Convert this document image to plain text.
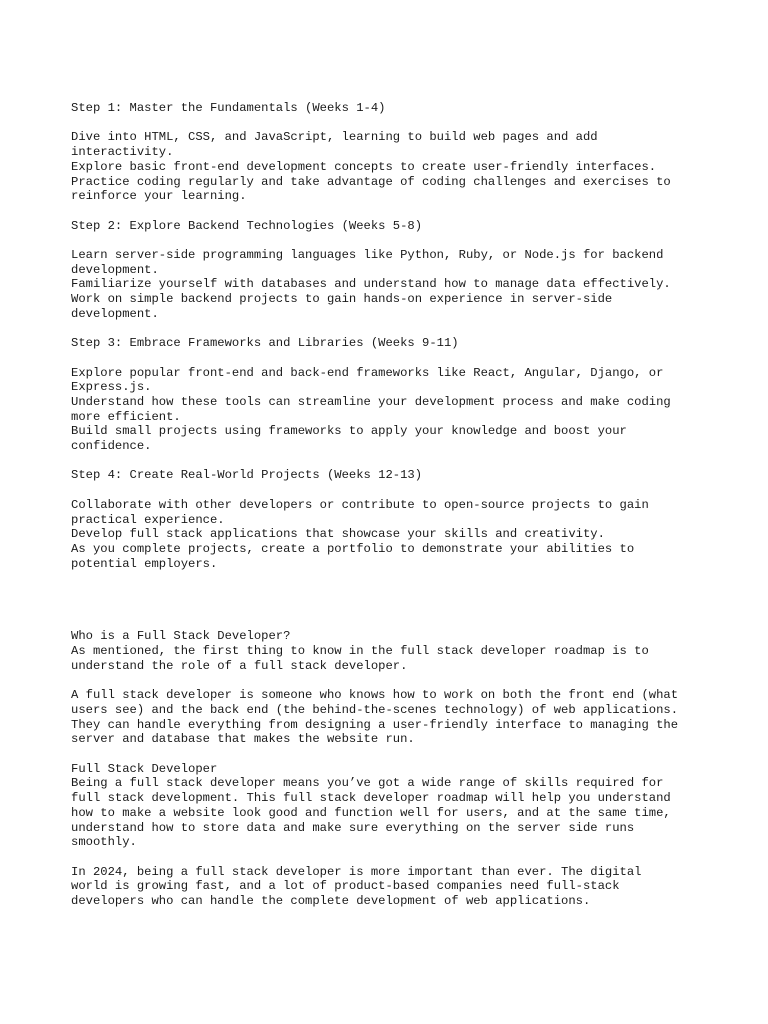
Step 1: Master the Fundamentals (Weeks 1-4)
Dive into HTML, CSS, and JavaScript, learning to build web pages and add
interactivity.
Explore basic front-end development concepts to create user-friendly interfaces.
Practice coding regularly and take advantage of coding challenges and exercises to
reinforce your learning.
Step 2: Explore Backend Technologies (Weeks 5-8)
Learn server-side programming languages like Python, Ruby, or Node.js for backend
development.
Familiarize yourself with databases and understand how to manage data effectively.
Work on simple backend projects to gain hands-on experience in server-side
development.
Step 3: Embrace Frameworks and Libraries (Weeks 9-11)
Explore popular front-end and back-end frameworks like React, Angular, Django, or
Express.js.
Understand how these tools can streamline your development process and make coding
more efficient.
Build small projects using frameworks to apply your knowledge and boost your
confidence.
Step 4: Create Real-World Projects (Weeks 12-13)
Collaborate with other developers or contribute to open-source projects to gain
practical experience.
Develop full stack applications that showcase your skills and creativity.
As you complete projects, create a portfolio to demonstrate your abilities to
potential employers.
Who is a Full Stack Developer?
As mentioned, the first thing to know in the full stack developer roadmap is to
understand the role of a full stack developer.
A full stack developer is someone who knows how to work on both the front end (what
users see) and the back end (the behind-the-scenes technology) of web applications.
They can handle everything from designing a user-friendly interface to managing the
server and database that makes the website run.
Full Stack Developer
Being a full stack developer means you’ve got a wide range of skills required for
full stack development. This full stack developer roadmap will help you understand
how to make a website look good and function well for users, and at the same time,
understand how to store data and make sure everything on the server side runs
smoothly.
In 2024, being a full stack developer is more important than ever. The digital
world is growing fast, and a lot of product-based companies need full-stack
developers who can handle the complete development of web applications.
